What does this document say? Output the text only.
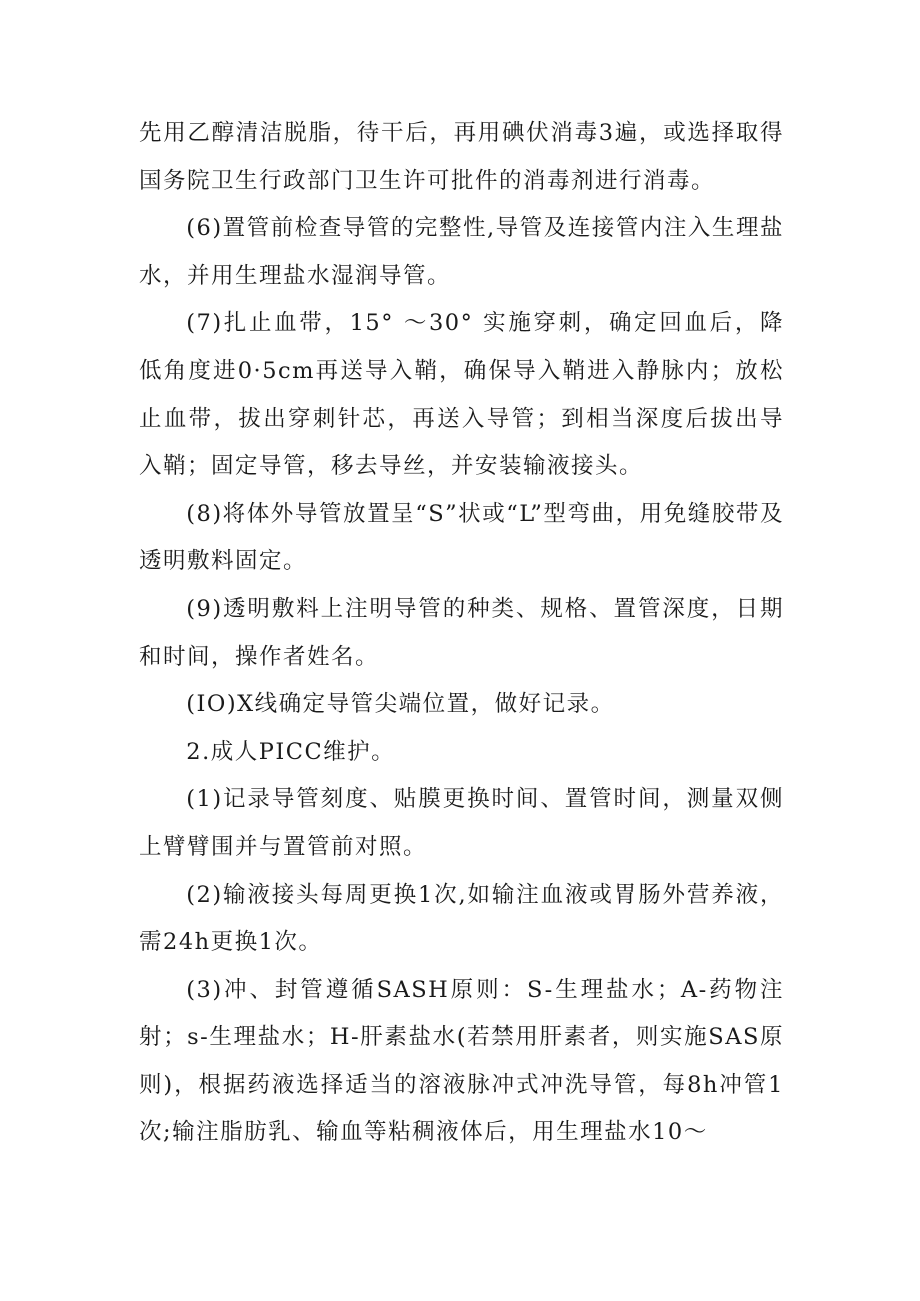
先用乙醇清洁脱脂，待干后，再用碘伏消毒3遍，或选择取得国务院卫生行政部门卫生许可批件的消毒剂进行消毒。

(6)置管前检查导管的完整性,导管及连接管内注入生理盐水，并用生理盐水湿润导管。

(7)扎止血带，15° ～30° 实施穿刺，确定回血后，降低角度进0·5cm再送导入鞘，确保导入鞘进入静脉内；放松止血带，拔出穿刺针芯，再送入导管；到相当深度后拔出导入鞘；固定导管，移去导丝，并安装输液接头。

(8)将体外导管放置呈“S”状或“L”型弯曲，用免缝胶带及透明敷料固定。

(9)透明敷料上注明导管的种类、规格、置管深度，日期和时间，操作者姓名。

(IO)X线确定导管尖端位置，做好记录。

2.成人PICC维护。

(1)记录导管刻度、贴膜更换时间、置管时间，测量双侧上臂臂围并与置管前对照。

(2)输液接头每周更换1次,如输注血液或胃肠外营养液，需24h更换1次。

(3)冲、封管遵循SASH原则：S-生理盐水；A-药物注射；s-生理盐水；H-肝素盐水(若禁用肝素者，则实施SAS原则)，根据药液选择适当的溶液脉冲式冲洗导管，每8h冲管1次;输注脂肪乳、输血等粘稠液体后，用生理盐水10～
